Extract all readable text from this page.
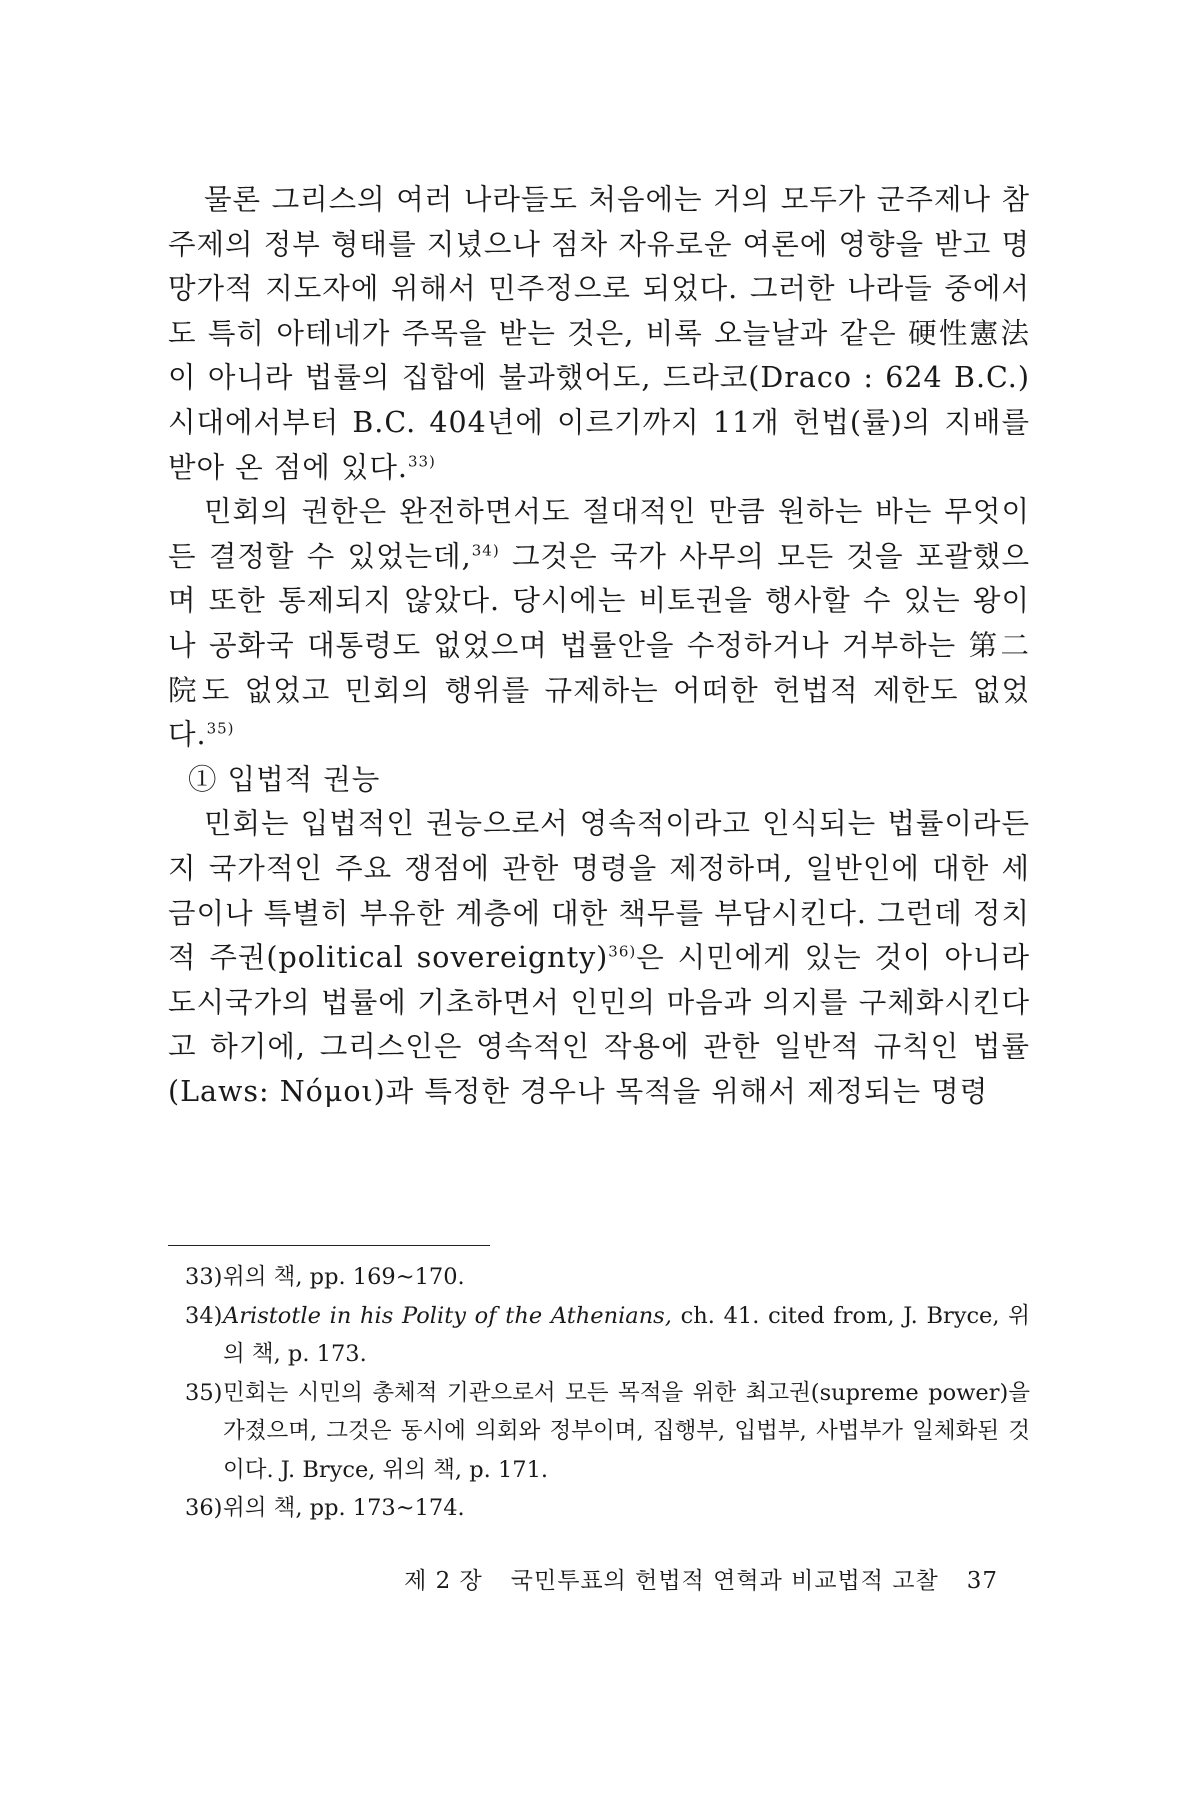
물론 그리스의 여러 나라들도 처음에는 거의 모두가 군주제나 참주제의 정부 형태를 지녔으나 점차 자유로운 여론에 영향을 받고 명망가적 지도자에 위해서 민주정으로 되었다. 그러한 나라들 중에서도 특히 아테네가 주목을 받는 것은, 비록 오늘날과 같은 硬性憲法이 아니라 법률의 집합에 불과했어도, 드라코(Draco : 624 B.C.) 시대에서부터 B.C. 404년에 이르기까지 11개 헌법(률)의 지배를 받아 온 점에 있다.$^{33)}$

민회의 권한은 완전하면서도 절대적인 만큼 원하는 바는 무엇이든 결정할 수 있었는데,$^{34)}$ 그것은 국가 사무의 모든 것을 포괄했으며 또한 통제되지 않았다. 당시에는 비토권을 행사할 수 있는 왕이나 공화국 대통령도 없었으며 법률안을 수정하거나 거부하는 第二院도 없었고 민회의 행위를 규제하는 어떠한 헌법적 제한도 없었다.$^{35)}$

① 입법적 권능

민회는 입법적인 권능으로서 영속적이라고 인식되는 법률이라든지 국가적인 주요 쟁점에 관한 명령을 제정하며, 일반인에 대한 세금이나 특별히 부유한 계층에 대한 책무를 부담시킨다. 그런데 정치적 주권(political sovereignty)$^{36)}$은 시민에게 있는 것이 아니라 도시국가의 법률에 기초하면서 인민의 마음과 의지를 구체화시킨다고 하기에, 그리스인은 영속적인 작용에 관한 일반적 규칙인 법률(Laws: Nόμοι)과 특정한 경우나 목적을 위해서 제정되는 명령

33) 위의 책, pp. 169~170.

34) Aristotle in his Polity of the Athenians, ch. 41. cited from, J. Bryce, 위의 책, p. 173.

35) 민회는 시민의 총체적 기관으로서 모든 목적을 위한 최고권(supreme power)을 가졌으며, 그것은 동시에 의회와 정부이며, 집행부, 입법부, 사법부가 일체화된 것이다. J. Bryce, 위의 책, p. 171.

36) 위의 책, pp. 173~174.

제 2 장 국민투표의 헌법적 연혁과 비교법적 고찰 37
